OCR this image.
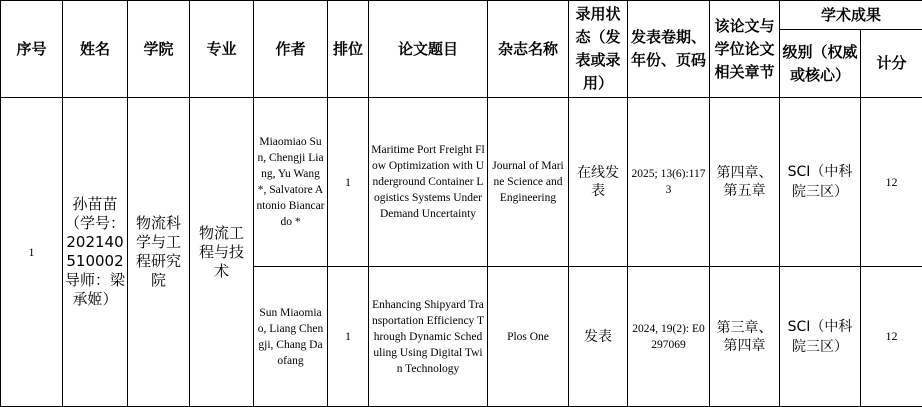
序号	姓名	学院	专业	作者	排位	论文题目	杂志名称	录用状态（发表或录用）	发表卷期、年份、页码	该论文与学位论文相关章节	学术成果	
											级别（权威或核心）	计分
1	孙苗苗（学号：202140510002导师：梁承姬）	物流科学与工程研究院	物流工程与技术	Miaomiao Sun, Chengji Liang, Yu Wang *, Salvatore Antonio Biancardo *	1	Maritime Port Freight Flow Optimization with Underground Container Logistics Systems Under Demand Uncertainty	Journal of Marine Science and Engineering	在线发表	2025; 13(6):1173	第四章、第五章	SCI（中科院三区）	12
				Sun Miaomiao, Liang Chengji, Chang Daofang	1	Enhancing Shipyard Transportation Efficiency Through Dynamic Scheduling Using Digital Twin Technology	Plos One	发表	2024, 19(2): E0297069	第三章、第四章	SCI（中科院三区）	12
